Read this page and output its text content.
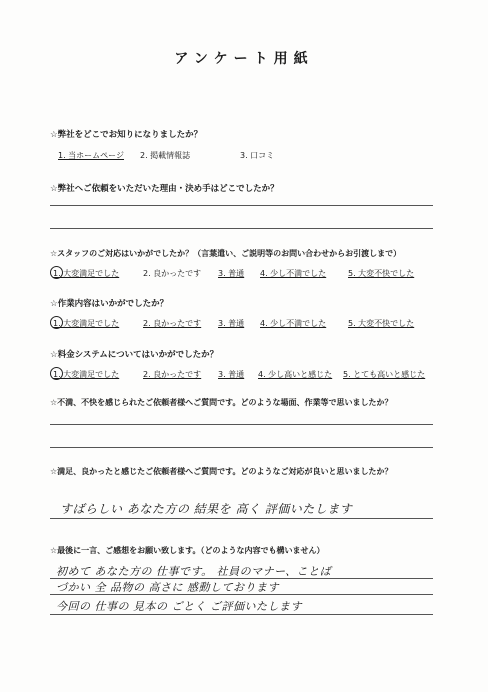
アンケート用紙
☆弊社をどこでお知りになりましたか？
1. 当ホームページ 2. 掲載情報誌	3. 口コミ
☆弊社へご依頼をいただいた理由・決め手はどこでしたか？
☆スタッフのご対応はいかがでしたか？（言葉遣い、ご説明等のお問い合わせからお引渡しまで）
1. 大変満足でした	2. 良かったです 3. 普通 4. 少し不満でした	5. 大変不快でした
☆作業内容はいかがでしたか？
1. 大変満足でした	2. 良かったです 3. 普通 4. 少し不満でした	5. 大変不快でした
☆料金システムについてはいかがでしたか？
1. 大変満足でした	2. 良かったです 3. 普通 4. 少し高いと感じた 5. とても高いと感じた
☆不満、不快を感じられたご依頼者様へご質問です。どのような場面、作業等で思いましたか？
☆満足、良かったと感じたご依頼者様へご質問です。どのようなご対応が良いと思いましたか？
すばらしい あなた方の 結果を 高く 評価いたします
☆最後に一言、ご感想をお願い致します。（どのような内容でも構いません）
初めて あなた方の 仕事です。 社員のマナー、ことば
づかい 全 品物の 高さに 感動しております
今回の 仕事の 見本の ごとく ご評価いたします
